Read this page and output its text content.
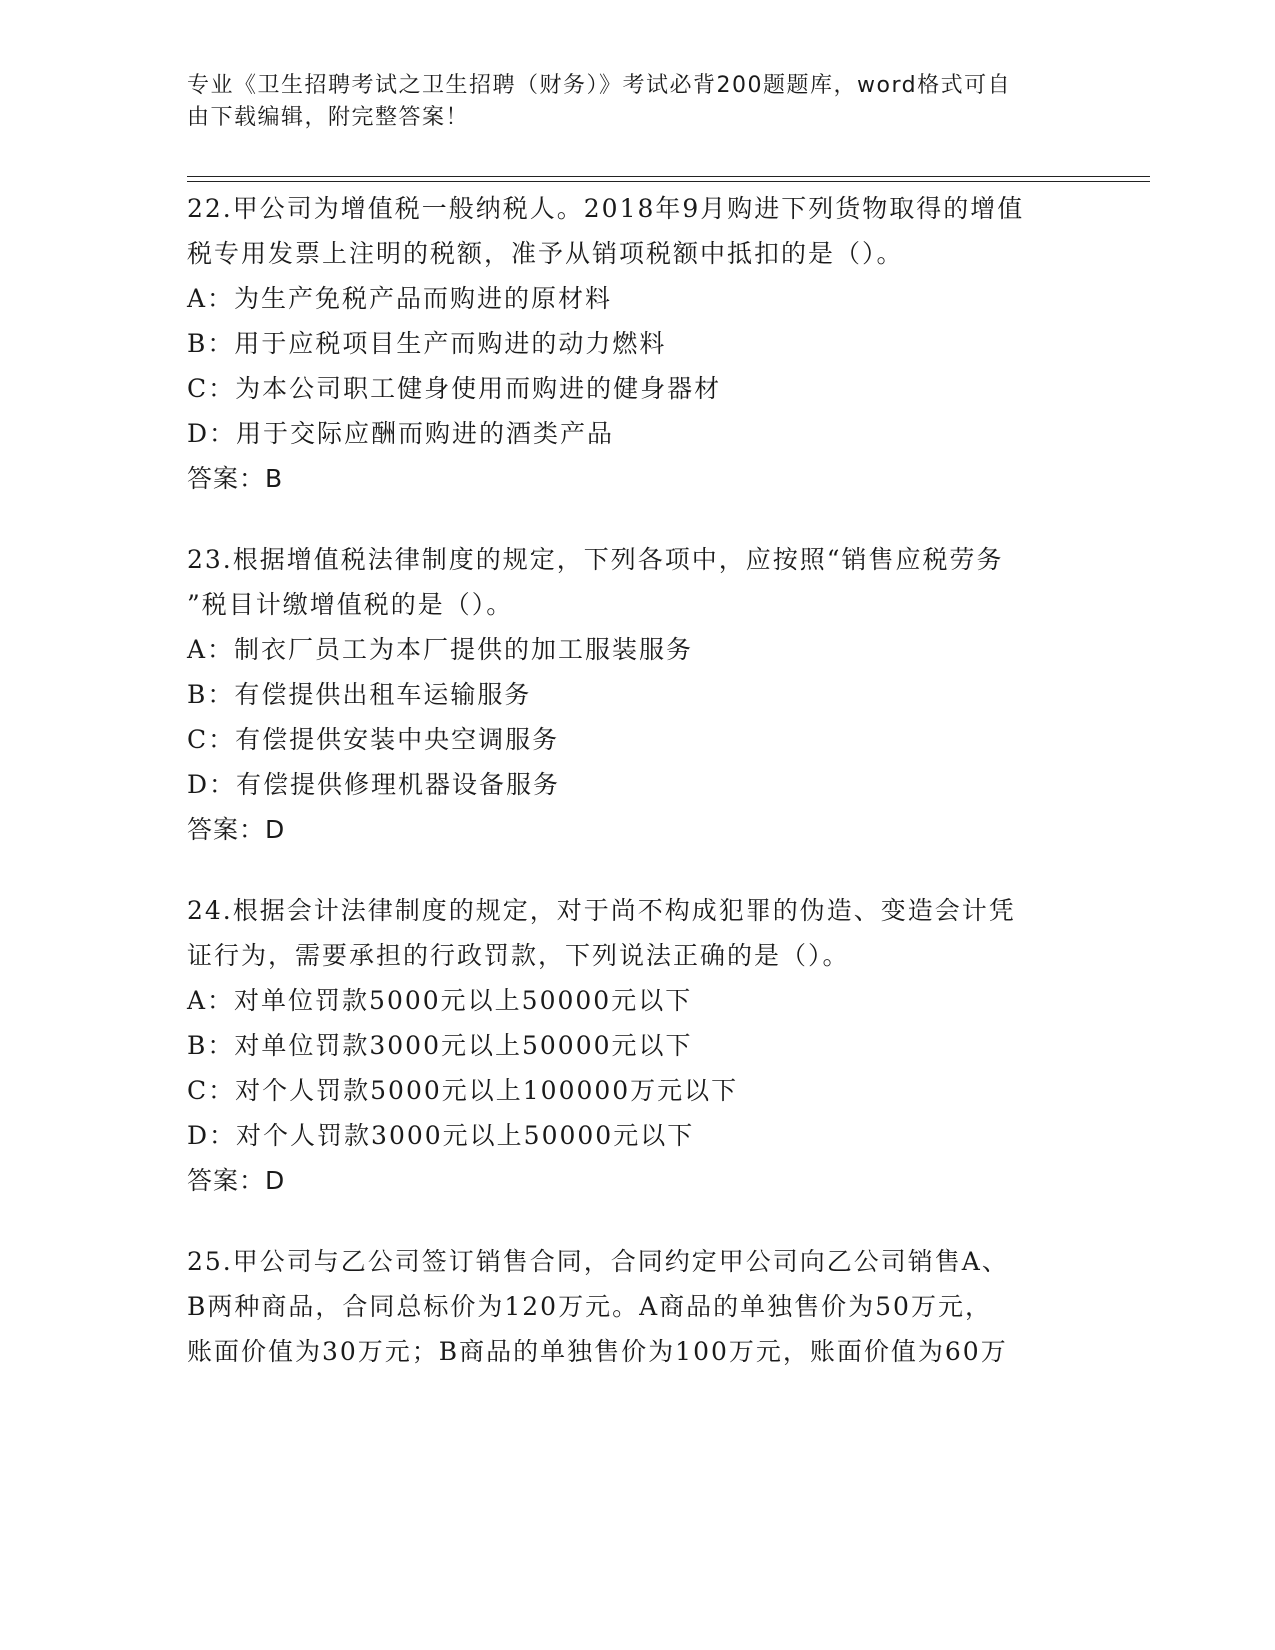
专业《卫生招聘考试之卫生招聘（财务）》考试必背200题题库，word格式可自
由下载编辑，附完整答案！

22.甲公司为增值税一般纳税人。2018年9月购进下列货物取得的增值
税专用发票上注明的税额，准予从销项税额中抵扣的是（）。

A：为生产免税产品而购进的原材料
B：用于应税项目生产而购进的动力燃料
C：为本公司职工健身使用而购进的健身器材
D：用于交际应酬而购进的酒类产品
答案：B

23.根据增值税法律制度的规定，下列各项中，应按照“销售应税劳务
”税目计缴增值税的是（）。

A：制衣厂员工为本厂提供的加工服装服务
B：有偿提供出租车运输服务
C：有偿提供安装中央空调服务
D：有偿提供修理机器设备服务
答案：D

24.根据会计法律制度的规定，对于尚不构成犯罪的伪造、变造会计凭
证行为，需要承担的行政罚款，下列说法正确的是（）。

A：对单位罚款5000元以上50000元以下
B：对单位罚款3000元以上50000元以下
C：对个人罚款5000元以上100000万元以下
D：对个人罚款3000元以上50000元以下
答案：D

25.甲公司与乙公司签订销售合同，合同约定甲公司向乙公司销售A、
B两种商品，合同总标价为120万元。A商品的单独售价为50万元，
账面价值为30万元；B商品的单独售价为100万元，账面价值为60万
